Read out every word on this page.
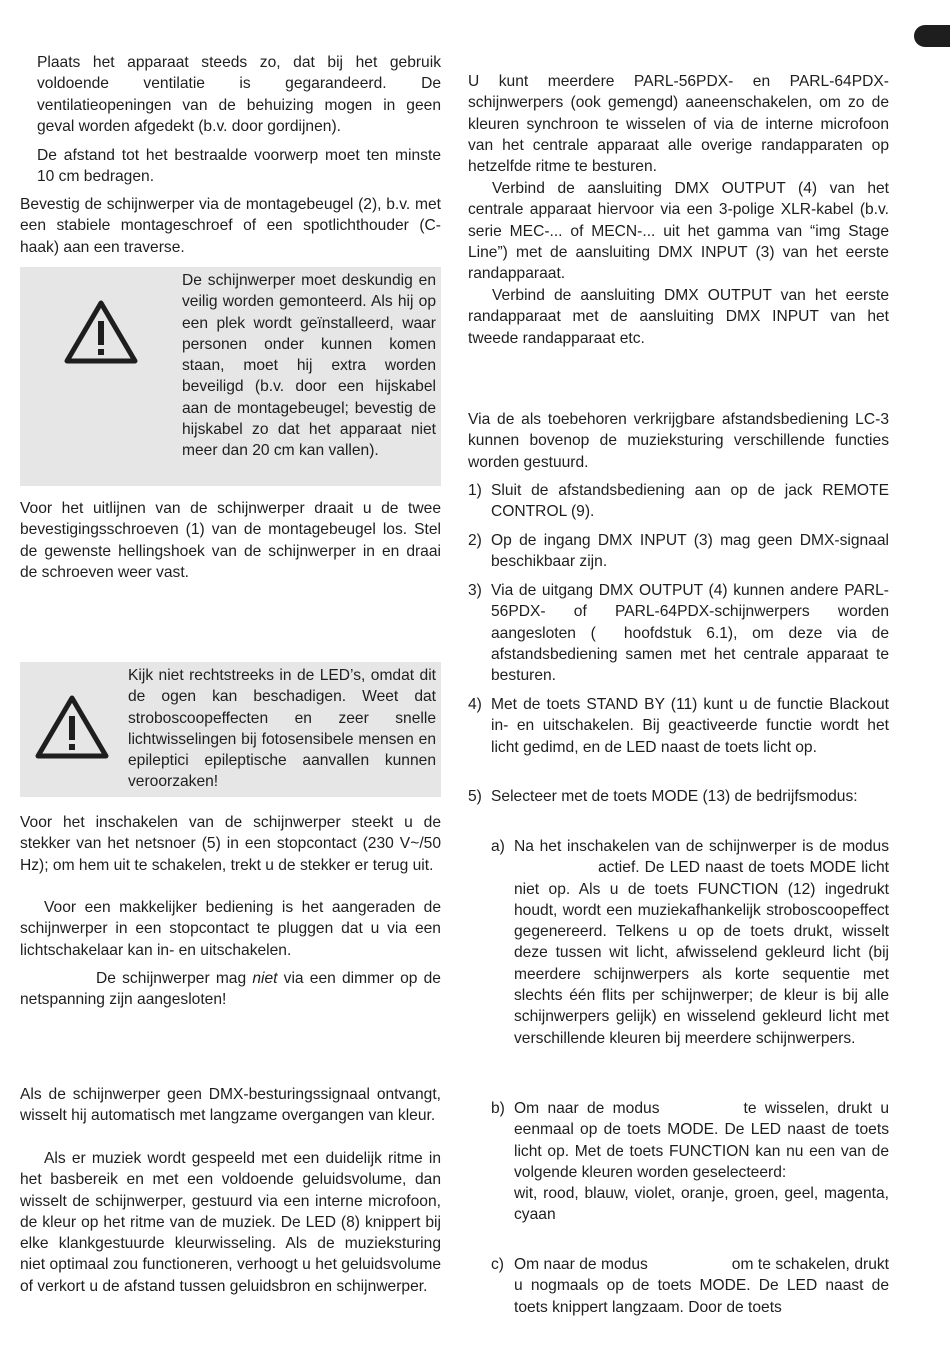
Plaats het apparaat steeds zo, dat bij het gebruik voldoende ventilatie is gegarandeerd. De ventilatieopeningen van de behuizing mogen in geen geval worden afgedekt (b.v. door gordijnen).

De afstand tot het bestraalde voorwerp moet ten minste 10 cm bedragen.

Bevestig de schijnwerper via de montagebeugel (2), b.v. met een stabiele montageschroef of een spotlichthouder (C-haak) aan een traverse.

De schijnwerper moet deskundig en veilig worden gemonteerd. Als hij op een plek wordt geïnstalleerd, waar personen onder kunnen komen staan, moet hij extra worden beveiligd (b.v. door een hijskabel aan de montagebeugel; bevestig de hijskabel zo dat het apparaat niet meer dan 20 cm kan vallen).

Voor het uitlijnen van de schijnwerper draait u de twee bevestigingsschroeven (1) van de montagebeugel los. Stel de gewenste hellingshoek van de schijnwerper in en draai de schroeven weer vast.

Kijk niet rechtstreeks in de LED’s, omdat dit de ogen kan beschadigen. Weet dat stroboscoopeffecten en zeer snelle lichtwisselingen bij fotosensibele mensen en epileptici epileptische aanvallen kunnen veroorzaken!

Voor het inschakelen van de schijnwerper steekt u de stekker van het netsnoer (5) in een stopcontact (230 V~/50 Hz); om hem uit te schakelen, trekt u de stekker er terug uit.

Voor een makkelijker bediening is het aangeraden de schijnwerper in een stopcontact te pluggen dat u via een lichtschakelaar kan in- en uitschakelen.

De schijnwerper mag niet via een dimmer op de netspanning zijn aangesloten!

Als de schijnwerper geen DMX-besturingssignaal ontvangt, wisselt hij automatisch met langzame overgangen van kleur.

Als er muziek wordt gespeeld met een duidelijk ritme in het basbereik en met een voldoende geluidsvolume, dan wisselt de schijnwerper, gestuurd via een interne microfoon, de kleur op het ritme van de muziek. De LED (8) knippert bij elke klankgestuurde kleurwisseling. Als de muzieksturing niet optimaal zou functioneren, verhoogt u het geluidsvolume of verkort u de afstand tussen geluidsbron en schijnwerper.

U kunt meerdere PARL-56PDX- en PARL-64PDX-schijnwerpers (ook gemengd) aaneenschakelen, om zo de kleuren synchroon te wisselen of via de interne microfoon van het centrale apparaat alle overige randapparaten op hetzelfde ritme te besturen.

Verbind de aansluiting DMX OUTPUT (4) van het centrale apparaat hiervoor via een 3-polige XLR-kabel (b.v. serie MEC-... of MECN-... uit het gamma van “img Stage Line”) met de aansluiting DMX INPUT (3) van het eerste randapparaat.

Verbind de aansluiting DMX OUTPUT van het eerste randapparaat met de aansluiting DMX INPUT van het tweede randapparaat etc.

Via de als toebehoren verkrijgbare afstandsbediening LC-3 kunnen bovenop de muzieksturing verschillende functies worden gestuurd.

1) Sluit de afstandsbediening aan op de jack REMOTE CONTROL (9).

2) Op de ingang DMX INPUT (3) mag geen DMX-signaal beschikbaar zijn.

3) Via de uitgang DMX OUTPUT (4) kunnen andere PARL-56PDX- of PARL-64PDX-schijnwerpers worden aangesloten ( hoofdstuk 6.1), om deze via de afstandsbediening samen met het centrale apparaat te besturen.

4) Met de toets STAND BY (11) kunt u de functie Blackout in- en uitschakelen. Bij geactiveerde functie wordt het licht gedimd, en de LED naast de toets licht op.

5) Selecteer met de toets MODE (13) de bedrijfsmodus:

a) Na het inschakelen van de schijnwerper is de modusactief. De LED naast de toets MODE licht niet op. Als u de toets FUNCTION (12) ingedrukt houdt, wordt een muziekafhankelijk stroboscoopeffect gegenereerd. Telkens u op de toets drukt, wisselt deze tussen wit licht, afwisselend gekleurd licht (bij meerdere schijnwerpers als korte sequentie met slechts één flits per schijnwerper; de kleur is bij alle schijnwerpers gelijk) en wisselend gekleurd licht met verschillende kleuren bij meerdere schijnwerpers.

b) Om naar de modus	te wisselen, drukt u eenmaal op de toets MODE. De LED naast de toets licht op. Met de toets FUNCTION kan nu een van de volgende kleuren worden geselecteerd:

wit, rood, blauw, violet, oranje, groen, geel, magenta, cyaan

c) Om naar de modus	om te schakelen, drukt u nogmaals op de toets MODE. De LED naast de toets knippert langzaam. Door de toets
